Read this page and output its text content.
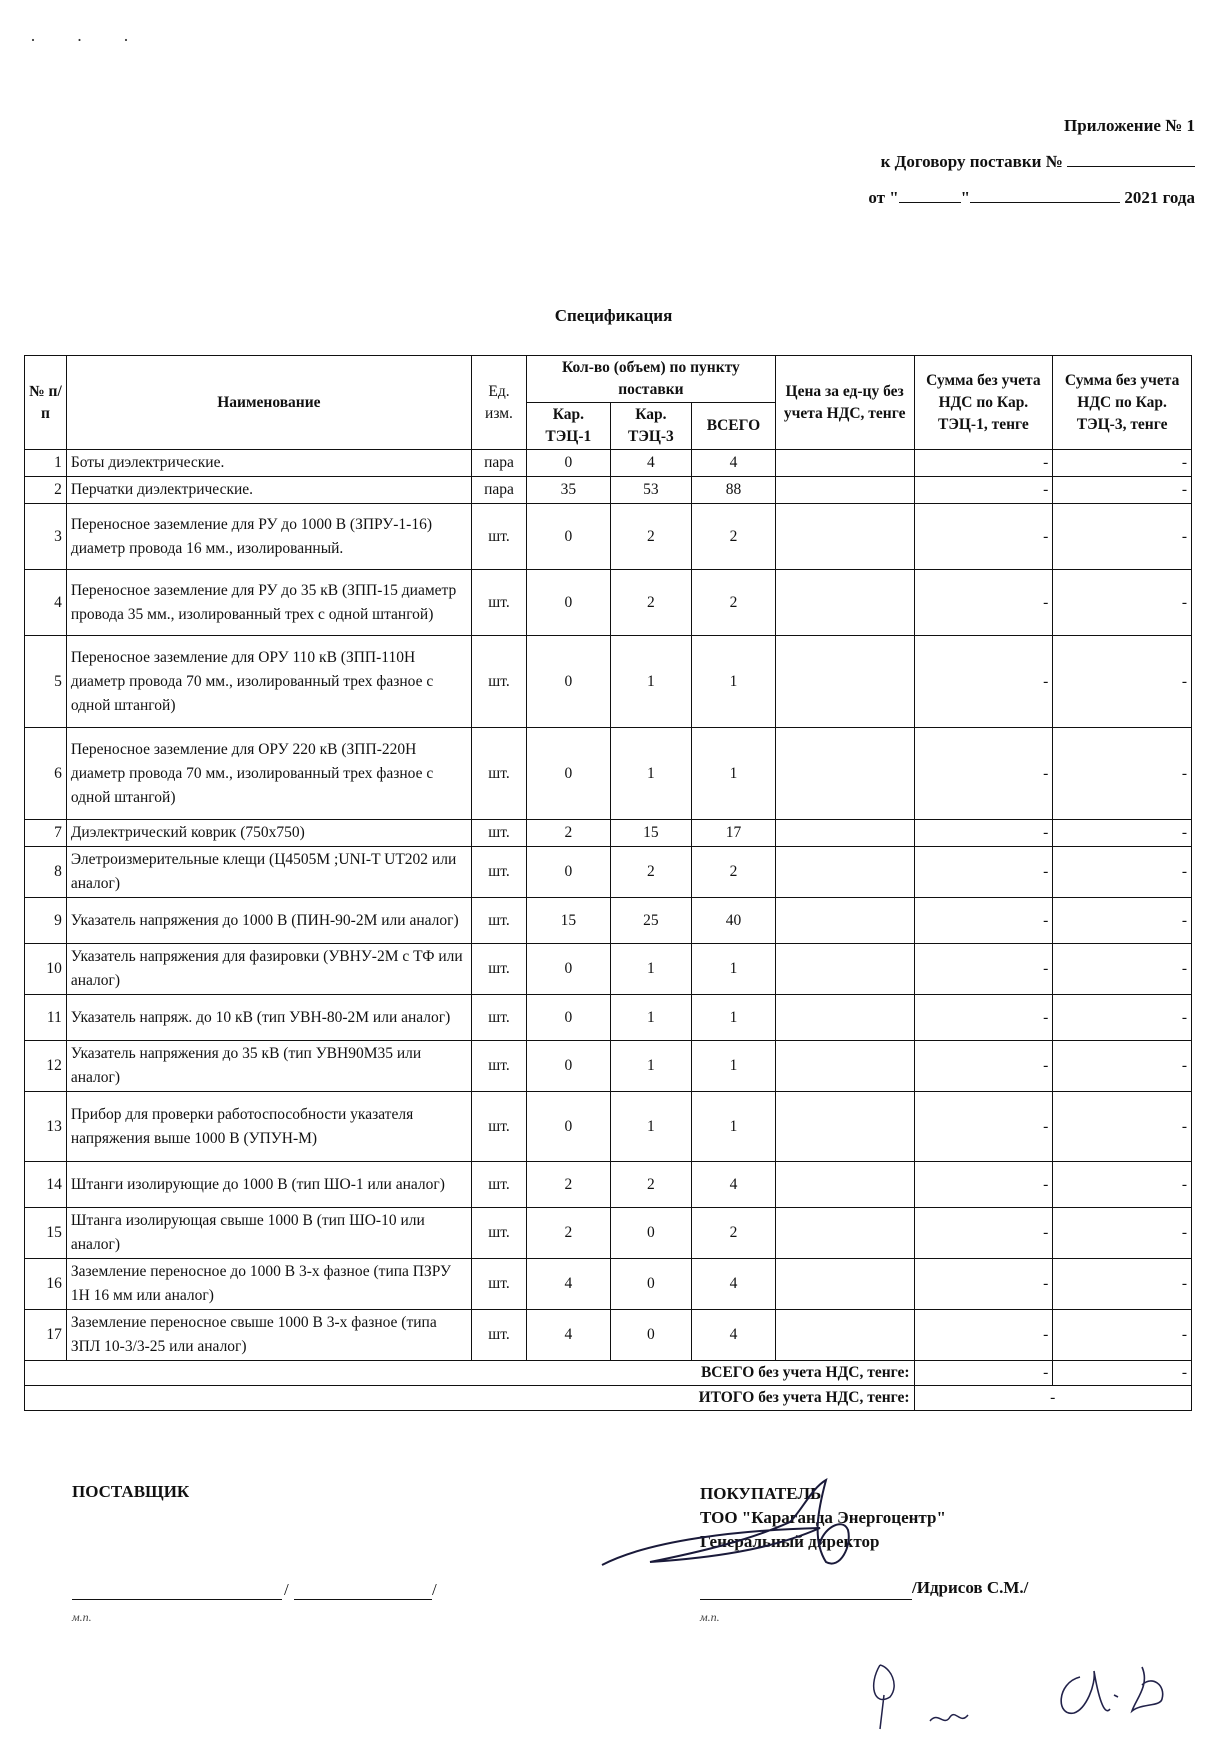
· · ·
Приложение № 1
к Договору поставки №
от "	"	2021 года
Спецификация
№ п/п	Наименование	Ед. изм.	Кол-во (объем) по пункту поставки			Цена за ед-цу без учета НДС, тенге	Сумма без учета НДС по Кар. ТЭЦ-1, тенге	Сумма без учета НДС по Кар. ТЭЦ-3, тенге
			Кар. ТЭЦ-1	Кар. ТЭЦ-3	ВСЕГО			
1	Боты диэлектрические.	пара	0	4	4		-	-
2	Перчатки диэлектрические.	пара	35	53	88		-	-
3	Переносное заземление для РУ до 1000 В (ЗПРУ-1-16) диаметр провода 16 мм., изолированный.	шт.	0	2	2		-	-
4	Переносное заземление для РУ до 35 кВ (ЗПП-15 диаметр провода 35 мм., изолированный трех с одной штангой)	шт.	0	2	2		-	-
5	Переносное заземление для ОРУ 110 кВ (ЗПП-110Н диаметр провода 70 мм., изолированный трех фазное с одной штангой)	шт.	0	1	1		-	-
6	Переносное заземление для ОРУ 220 кВ (ЗПП-220Н диаметр провода 70 мм., изолированный трех фазное с одной штангой)	шт.	0	1	1		-	-
7	Диэлектрический коврик (750х750)	шт.	2	15	17		-	-
8	Элетроизмерительные клещи (Ц4505М ;UNI-T UT202 или аналог)	шт.	0	2	2		-	-
9	Указатель напряжения до 1000 В (ПИН-90-2М или аналог)	шт.	15	25	40		-	-
10	Указатель напряжения для фазировки (УВНУ-2М с ТФ или аналог)	шт.	0	1	1		-	-
11	Указатель напряж. до 10 кВ (тип УВН-80-2М или аналог)	шт.	0	1	1		-	-
12	Указатель напряжения до 35 кВ (тип УВН90М35 или аналог)	шт.	0	1	1		-	-
13	Прибор для проверки работоспособности указателя напряжения выше 1000 В (УПУН-М)	шт.	0	1	1		-	-
14	Штанги изолирующие до 1000 В (тип ШО-1 или аналог)	шт.	2	2	4		-	-
15	Штанга изолирующая свыше 1000 В (тип ШО-10 или аналог)	шт.	2	0	2		-	-
16	Заземление переносное до 1000 В 3-х фазное (типа ПЗРУ 1Н 16 мм или аналог)	шт.	4	0	4		-	-
17	Заземление переносное свыше 1000 В 3-х фазное (типа ЗПЛ 10-3/3-25 или аналог)	шт.	4	0	4		-	-
ВСЕГО без учета НДС, тенге:							-	-
ИТОГО без учета НДС, тенге:							-	
ПОСТАВЩИК
/	/
м.п.
ПОКУПАТЕЛЬ
ТОО "Караганда Энергоцентр"
Генеральный директор
/Идрисов С.М./
м.п.
